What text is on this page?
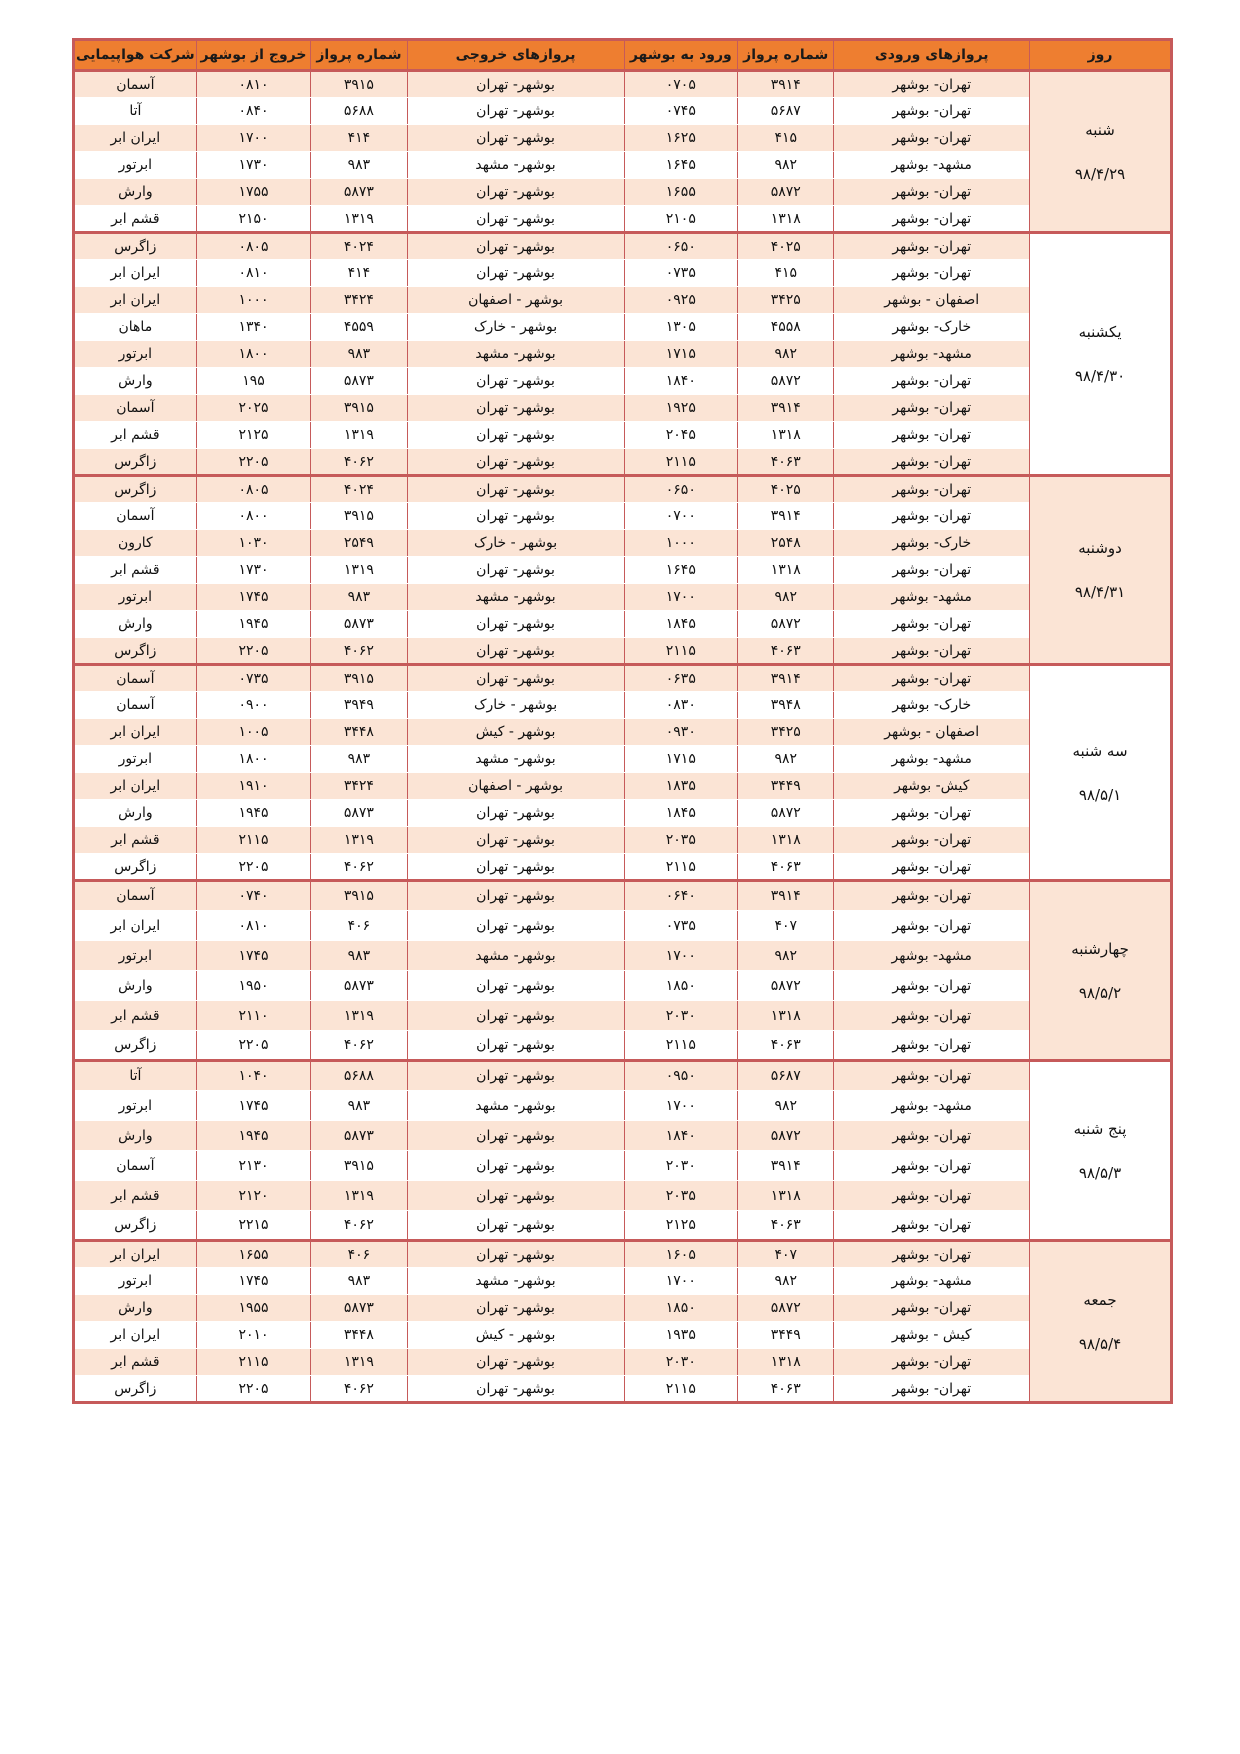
روز	پروازهای ورودی	شماره پرواز	ورود به بوشهر	پروازهای خروجی	شماره پرواز	خروج از بوشهر	شرکت هواپیمایی

شنبه
۹۸/۴/۲۹	تهران- بوشهر	۳۹۱۴	۰۷۰۵	بوشهر- تهران	۳۹۱۵	۰۸۱۰	آسمان
	تهران- بوشهر	۵۶۸۷	۰۷۴۵	بوشهر- تهران	۵۶۸۸	۰۸۴۰	آتا
	تهران- بوشهر	۴۱۵	۱۶۲۵	بوشهر- تهران	۴۱۴	۱۷۰۰	ایران ابر
	مشهد- بوشهر	۹۸۲	۱۶۴۵	بوشهر- مشهد	۹۸۳	۱۷۳۰	ابرتور
	تهران- بوشهر	۵۸۷۲	۱۶۵۵	بوشهر- تهران	۵۸۷۳	۱۷۵۵	وارش
	تهران- بوشهر	۱۳۱۸	۲۱۰۵	بوشهر- تهران	۱۳۱۹	۲۱۵۰	قشم ابر

یکشنبه
۹۸/۴/۳۰	تهران- بوشهر	۴۰۲۵	۰۶۵۰	بوشهر- تهران	۴۰۲۴	۰۸۰۵	زاگرس
	تهران- بوشهر	۴۱۵	۰۷۳۵	بوشهر- تهران	۴۱۴	۰۸۱۰	ایران ابر
	اصفهان - بوشهر	۳۴۲۵	۰۹۲۵	بوشهر - اصفهان	۳۴۲۴	۱۰۰۰	ایران ابر
	خارک- بوشهر	۴۵۵۸	۱۳۰۵	بوشهر - خارک	۴۵۵۹	۱۳۴۰	ماهان
	مشهد- بوشهر	۹۸۲	۱۷۱۵	بوشهر- مشهد	۹۸۳	۱۸۰۰	ابرتور
	تهران- بوشهر	۵۸۷۲	۱۸۴۰	بوشهر- تهران	۵۸۷۳	۱۹۵	وارش
	تهران- بوشهر	۳۹۱۴	۱۹۲۵	بوشهر- تهران	۳۹۱۵	۲۰۲۵	آسمان
	تهران- بوشهر	۱۳۱۸	۲۰۴۵	بوشهر- تهران	۱۳۱۹	۲۱۲۵	قشم ابر
	تهران- بوشهر	۴۰۶۳	۲۱۱۵	بوشهر- تهران	۴۰۶۲	۲۲۰۵	زاگرس

دوشنبه
۹۸/۴/۳۱	تهران- بوشهر	۴۰۲۵	۰۶۵۰	بوشهر- تهران	۴۰۲۴	۰۸۰۵	زاگرس
	تهران- بوشهر	۳۹۱۴	۰۷۰۰	بوشهر- تهران	۳۹۱۵	۰۸۰۰	آسمان
	خارک- بوشهر	۲۵۴۸	۱۰۰۰	بوشهر - خارک	۲۵۴۹	۱۰۳۰	کارون
	تهران- بوشهر	۱۳۱۸	۱۶۴۵	بوشهر- تهران	۱۳۱۹	۱۷۳۰	قشم ابر
	مشهد- بوشهر	۹۸۲	۱۷۰۰	بوشهر- مشهد	۹۸۳	۱۷۴۵	ابرتور
	تهران- بوشهر	۵۸۷۲	۱۸۴۵	بوشهر- تهران	۵۸۷۳	۱۹۴۵	وارش
	تهران- بوشهر	۴۰۶۳	۲۱۱۵	بوشهر- تهران	۴۰۶۲	۲۲۰۵	زاگرس

سه شنبه
۹۸/۵/۱	تهران- بوشهر	۳۹۱۴	۰۶۳۵	بوشهر- تهران	۳۹۱۵	۰۷۳۵	آسمان
	خارک- بوشهر	۳۹۴۸	۰۸۳۰	بوشهر - خارک	۳۹۴۹	۰۹۰۰	آسمان
	اصفهان - بوشهر	۳۴۲۵	۰۹۳۰	بوشهر - کیش	۳۴۴۸	۱۰۰۵	ایران ابر
	مشهد- بوشهر	۹۸۲	۱۷۱۵	بوشهر- مشهد	۹۸۳	۱۸۰۰	ابرتور
	کیش- بوشهر	۳۴۴۹	۱۸۳۵	بوشهر - اصفهان	۳۴۲۴	۱۹۱۰	ایران ابر
	تهران- بوشهر	۵۸۷۲	۱۸۴۵	بوشهر- تهران	۵۸۷۳	۱۹۴۵	وارش
	تهران- بوشهر	۱۳۱۸	۲۰۳۵	بوشهر- تهران	۱۳۱۹	۲۱۱۵	قشم ابر
	تهران- بوشهر	۴۰۶۳	۲۱۱۵	بوشهر- تهران	۴۰۶۲	۲۲۰۵	زاگرس

چهارشنبه
۹۸/۵/۲	تهران- بوشهر	۳۹۱۴	۰۶۴۰	بوشهر- تهران	۳۹۱۵	۰۷۴۰	آسمان
	تهران- بوشهر	۴۰۷	۰۷۳۵	بوشهر- تهران	۴۰۶	۰۸۱۰	ایران ابر
	مشهد- بوشهر	۹۸۲	۱۷۰۰	بوشهر- مشهد	۹۸۳	۱۷۴۵	ابرتور
	تهران- بوشهر	۵۸۷۲	۱۸۵۰	بوشهر- تهران	۵۸۷۳	۱۹۵۰	وارش
	تهران- بوشهر	۱۳۱۸	۲۰۳۰	بوشهر- تهران	۱۳۱۹	۲۱۱۰	قشم ابر
	تهران- بوشهر	۴۰۶۳	۲۱۱۵	بوشهر- تهران	۴۰۶۲	۲۲۰۵	زاگرس

پنج شنبه
۹۸/۵/۳	تهران- بوشهر	۵۶۸۷	۰۹۵۰	بوشهر- تهران	۵۶۸۸	۱۰۴۰	آتا
	مشهد- بوشهر	۹۸۲	۱۷۰۰	بوشهر- مشهد	۹۸۳	۱۷۴۵	ابرتور
	تهران- بوشهر	۵۸۷۲	۱۸۴۰	بوشهر- تهران	۵۸۷۳	۱۹۴۵	وارش
	تهران- بوشهر	۳۹۱۴	۲۰۳۰	بوشهر- تهران	۳۹۱۵	۲۱۳۰	آسمان
	تهران- بوشهر	۱۳۱۸	۲۰۳۵	بوشهر- تهران	۱۳۱۹	۲۱۲۰	قشم ابر
	تهران- بوشهر	۴۰۶۳	۲۱۲۵	بوشهر- تهران	۴۰۶۲	۲۲۱۵	زاگرس

جمعه
۹۸/۵/۴	تهران- بوشهر	۴۰۷	۱۶۰۵	بوشهر- تهران	۴۰۶	۱۶۵۵	ایران ابر
	مشهد- بوشهر	۹۸۲	۱۷۰۰	بوشهر- مشهد	۹۸۳	۱۷۴۵	ابرتور
	تهران- بوشهر	۵۸۷۲	۱۸۵۰	بوشهر- تهران	۵۸۷۳	۱۹۵۵	وارش
	کیش - بوشهر	۳۴۴۹	۱۹۳۵	بوشهر - کیش	۳۴۴۸	۲۰۱۰	ایران ابر
	تهران- بوشهر	۱۳۱۸	۲۰۳۰	بوشهر- تهران	۱۳۱۹	۲۱۱۵	قشم ابر
	تهران- بوشهر	۴۰۶۳	۲۱۱۵	بوشهر- تهران	۴۰۶۲	۲۲۰۵	زاگرس
